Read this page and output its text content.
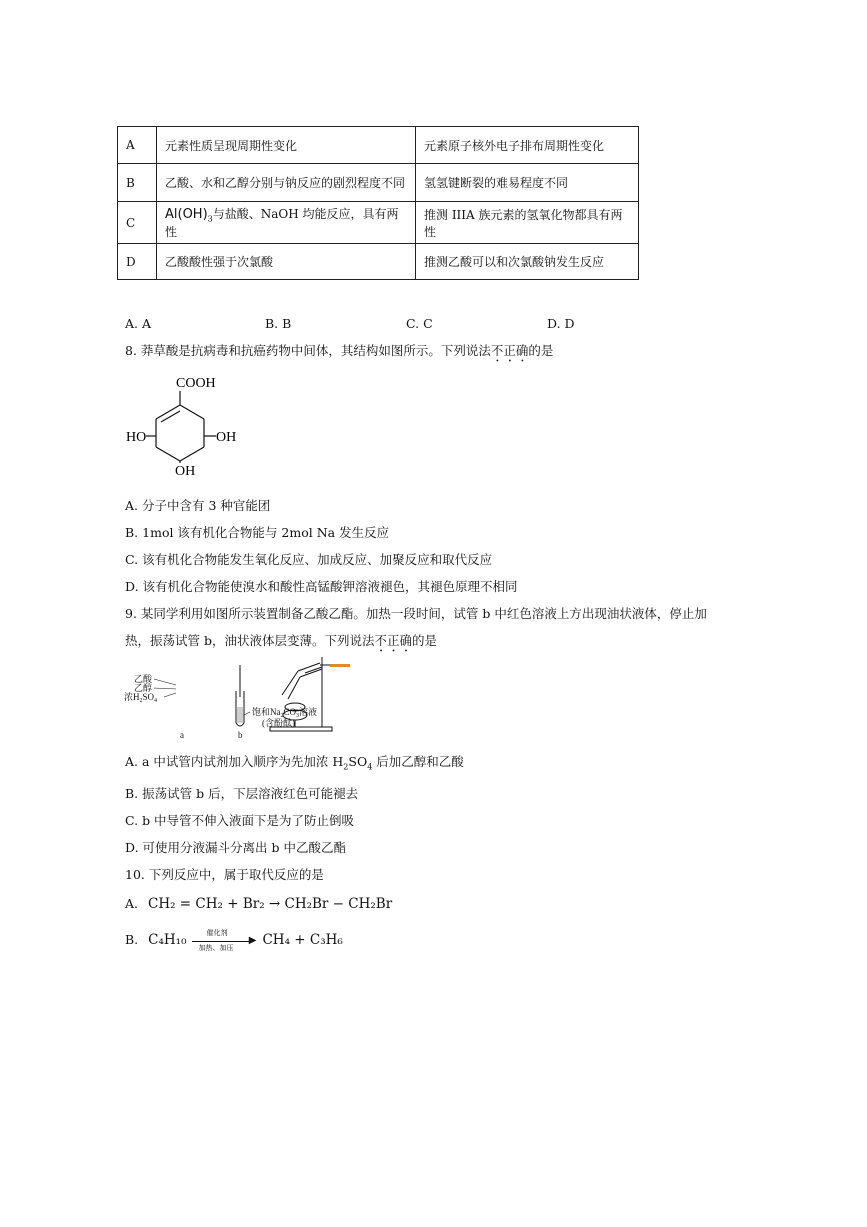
A	元素性质呈现周期性变化	元素原子核外电子排布周期性变化
B	乙酸、水和乙醇分别与钠反应的剧烈程度不同	氢氢键断裂的难易程度不同
C	$Al(OH)_3$与盐酸、NaOH 均能反应，具有两性	推测 IIIA 族元素的氢氧化物都具有两性
D	乙酸酸性强于次氯酸	推测乙酸可以和次氯酸钠发生反应
A. A	B. B	C. C	D. D
8. 莽草酸是抗病毒和抗癌药物中间体，其结构如图所示。下列说法不正确的是
COOH
HO	OH
OH
A. 分子中含有 3 种官能团
B. 1mol 该有机化合物能与 2mol Na 发生反应
C. 该有机化合物能发生氧化反应、加成反应、加聚反应和取代反应
D. 该有机化合物能使溴水和酸性高锰酸钾溶液褪色，其褪色原理不相同
9. 某同学利用如图所示装置制备乙酸乙酯。加热一段时间，试管 b 中红色溶液上方出现油状液体，停止加
热，振荡试管 b，油状液体层变薄。下列说法不正确的是
乙酸
乙醇
浓$H_2SO_4$
饱和$Na_2CO_3$溶液
(含酚酞)
a	b
A. a 中试管内试剂加入顺序为先加浓 $H_2SO_4$ 后加乙醇和乙酸
B. 振荡试管 b 后，下层溶液红色可能褪去
C. b 中导管不伸入液面下是为了防止倒吸
D. 可使用分液漏斗分离出 b 中乙酸乙酯
10. 下列反应中，属于取代反应的是
A. CH₂ = CH₂ + Br₂ → CH₂Br − CH₂Br
B. C₄H₁₀	▶
催化剂
加热、加压 CH₄ + C₃H₆
